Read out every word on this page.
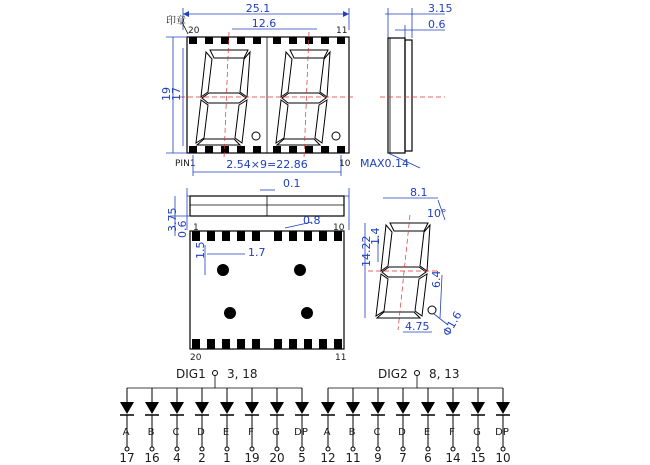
25.1
12.6
印章
19
17
20	11
PIN1	10
2.54×9=22.86
3.15
0.6
MAX0.14
0.1
3.75
0.6
1.7
1.5
0.8
1	10
20	11
8.1
10°
14.22
1.4
6.4
4.75 Φ1.6
DIG1 3, 18	DIG2 8, 13
A
17
B
16
C
4
D
2
E
1
F
19
G
20
DP
5
A
12
B
11
C
9
D
7
E
6
F
14
G
15
DP
10
